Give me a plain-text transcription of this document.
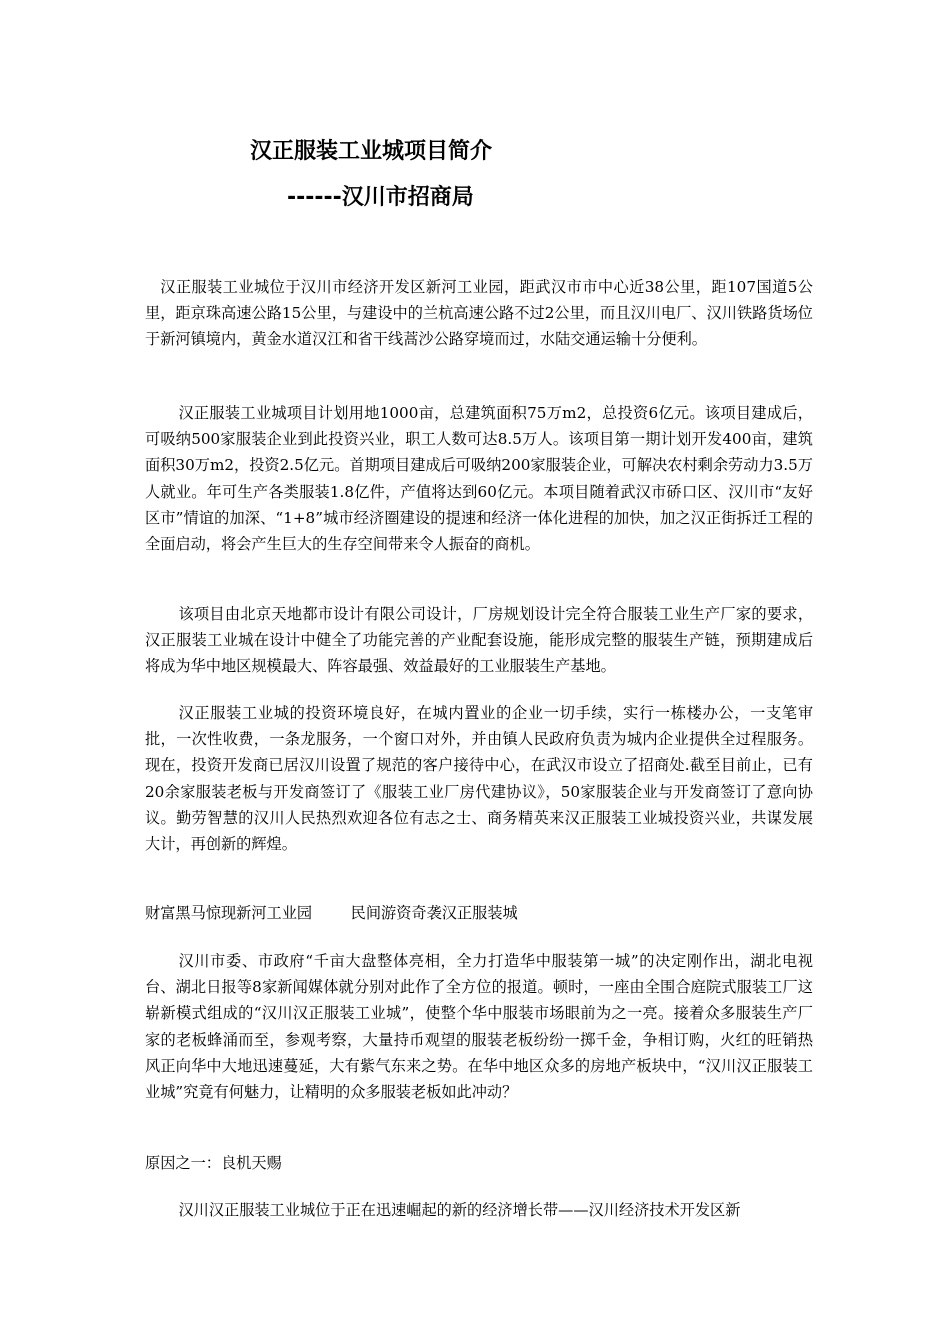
汉正服装工业城项目简介
------汉川市招商局

汉正服装工业城位于汉川市经济开发区新河工业园，距武汉市市中心近38公里，距107国道5公里，距京珠高速公路15公里，与建设中的兰杭高速公路不过2公里，而且汉川电厂、汉川铁路货场位于新河镇境内，黄金水道汉江和省干线蒿沙公路穿境而过，水陆交通运输十分便利。

汉正服装工业城项目计划用地1000亩，总建筑面积75万m2，总投资6亿元。该项目建成后，可吸纳500家服装企业到此投资兴业，职工人数可达8.5万人。该项目第一期计划开发400亩，建筑面积30万m2，投资2.5亿元。首期项目建成后可吸纳200家服装企业，可解决农村剩余劳动力3.5万人就业。年可生产各类服装1.8亿件，产值将达到60亿元。本项目随着武汉市硚口区、汉川市“友好区市”情谊的加深、“1+8”城市经济圈建设的提速和经济一体化进程的加快，加之汉正街拆迁工程的全面启动，将会产生巨大的生存空间带来令人振奋的商机。

该项目由北京天地都市设计有限公司设计，厂房规划设计完全符合服装工业生产厂家的要求，汉正服装工业城在设计中健全了功能完善的产业配套设施，能形成完整的服装生产链，预期建成后将成为华中地区规模最大、阵容最强、效益最好的工业服装生产基地。

汉正服装工业城的投资环境良好，在城内置业的企业一切手续，实行一栋楼办公，一支笔审批，一次性收费，一条龙服务，一个窗口对外，并由镇人民政府负责为城内企业提供全过程服务。现在，投资开发商已居汉川设置了规范的客户接待中心，在武汉市设立了招商处.截至目前止，已有20余家服装老板与开发商签订了《服装工业厂房代建协议》，50家服装企业与开发商签订了意向协议。勤劳智慧的汉川人民热烈欢迎各位有志之士、商务精英来汉正服装工业城投资兴业，共谋发展大计，再创新的辉煌。

财富黑马惊现新河工业园        民间游资奇袭汉正服装城

汉川市委、市政府“千亩大盘整体亮相，全力打造华中服装第一城”的决定刚作出，湖北电视台、湖北日报等8家新闻媒体就分别对此作了全方位的报道。顿时，一座由全围合庭院式服装工厂这崭新模式组成的“汉川汉正服装工业城”，使整个华中服装市场眼前为之一亮。接着众多服装生产厂家的老板蜂涌而至，参观考察，大量持币观望的服装老板纷纷一掷千金，争相订购，火红的旺销热风正向华中大地迅速蔓延，大有紫气东来之势。在华中地区众多的房地产板块中，“汉川汉正服装工业城”究竟有何魅力，让精明的众多服装老板如此冲动？

原因之一：良机天赐

汉川汉正服装工业城位于正在迅速崛起的新的经济增长带——汉川经济技术开发区新
